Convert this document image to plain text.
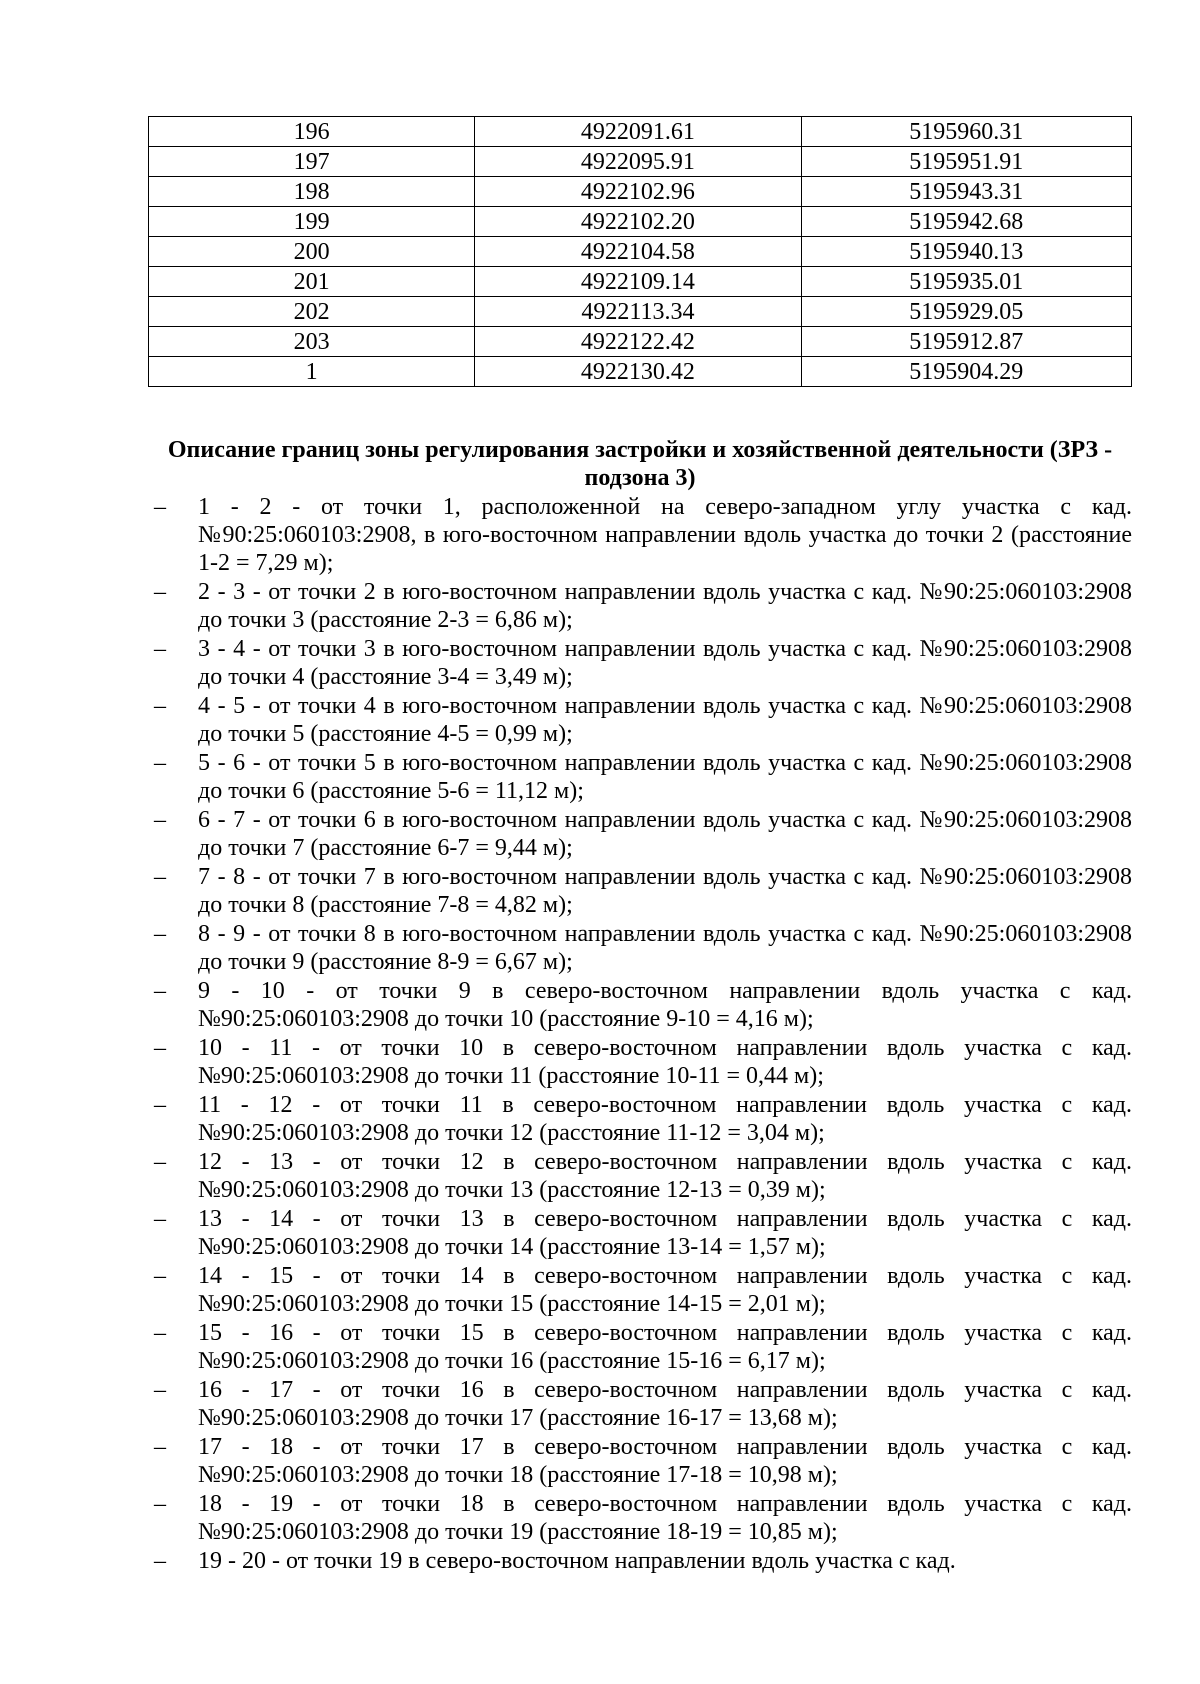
196	4922091.61	5195960.31
197	4922095.91	5195951.91
198	4922102.96	5195943.31
199	4922102.20	5195942.68
200	4922104.58	5195940.13
201	4922109.14	5195935.01
202	4922113.34	5195929.05
203	4922122.42	5195912.87
1	4922130.42	5195904.29
Описание границ зоны регулирования застройки и хозяйственной деятельности (ЗРЗ - подзона 3)
– 1 - 2 - от точки 1, расположенной на северо-западном углу участка с кад. №90:25:060103:2908, в юго-восточном направлении вдоль участка до точки 2 (расстояние 1-2 = 7,29 м);
– 2 - 3 - от точки 2 в юго-восточном направлении вдоль участка с кад. №90:25:060103:2908 до точки 3 (расстояние 2-3 = 6,86 м);
– 3 - 4 - от точки 3 в юго-восточном направлении вдоль участка с кад. №90:25:060103:2908 до точки 4 (расстояние 3-4 = 3,49 м);
– 4 - 5 - от точки 4 в юго-восточном направлении вдоль участка с кад. №90:25:060103:2908 до точки 5 (расстояние 4-5 = 0,99 м);
– 5 - 6 - от точки 5 в юго-восточном направлении вдоль участка с кад. №90:25:060103:2908 до точки 6 (расстояние 5-6 = 11,12 м);
– 6 - 7 - от точки 6 в юго-восточном направлении вдоль участка с кад. №90:25:060103:2908 до точки 7 (расстояние 6-7 = 9,44 м);
– 7 - 8 - от точки 7 в юго-восточном направлении вдоль участка с кад. №90:25:060103:2908 до точки 8 (расстояние 7-8 = 4,82 м);
– 8 - 9 - от точки 8 в юго-восточном направлении вдоль участка с кад. №90:25:060103:2908 до точки 9 (расстояние 8-9 = 6,67 м);
– 9 - 10 - от точки 9 в северо-восточном направлении вдоль участка с кад. №90:25:060103:2908 до точки 10 (расстояние 9-10 = 4,16 м);
– 10 - 11 - от точки 10 в северо-восточном направлении вдоль участка с кад. №90:25:060103:2908 до точки 11 (расстояние 10-11 = 0,44 м);
– 11 - 12 - от точки 11 в северо-восточном направлении вдоль участка с кад. №90:25:060103:2908 до точки 12 (расстояние 11-12 = 3,04 м);
– 12 - 13 - от точки 12 в северо-восточном направлении вдоль участка с кад. №90:25:060103:2908 до точки 13 (расстояние 12-13 = 0,39 м);
– 13 - 14 - от точки 13 в северо-восточном направлении вдоль участка с кад. №90:25:060103:2908 до точки 14 (расстояние 13-14 = 1,57 м);
– 14 - 15 - от точки 14 в северо-восточном направлении вдоль участка с кад. №90:25:060103:2908 до точки 15 (расстояние 14-15 = 2,01 м);
– 15 - 16 - от точки 15 в северо-восточном направлении вдоль участка с кад. №90:25:060103:2908 до точки 16 (расстояние 15-16 = 6,17 м);
– 16 - 17 - от точки 16 в северо-восточном направлении вдоль участка с кад. №90:25:060103:2908 до точки 17 (расстояние 16-17 = 13,68 м);
– 17 - 18 - от точки 17 в северо-восточном направлении вдоль участка с кад. №90:25:060103:2908 до точки 18 (расстояние 17-18 = 10,98 м);
– 18 - 19 - от точки 18 в северо-восточном направлении вдоль участка с кад. №90:25:060103:2908 до точки 19 (расстояние 18-19 = 10,85 м);
– 19 - 20 - от точки 19 в северо-восточном направлении вдоль участка с кад.
